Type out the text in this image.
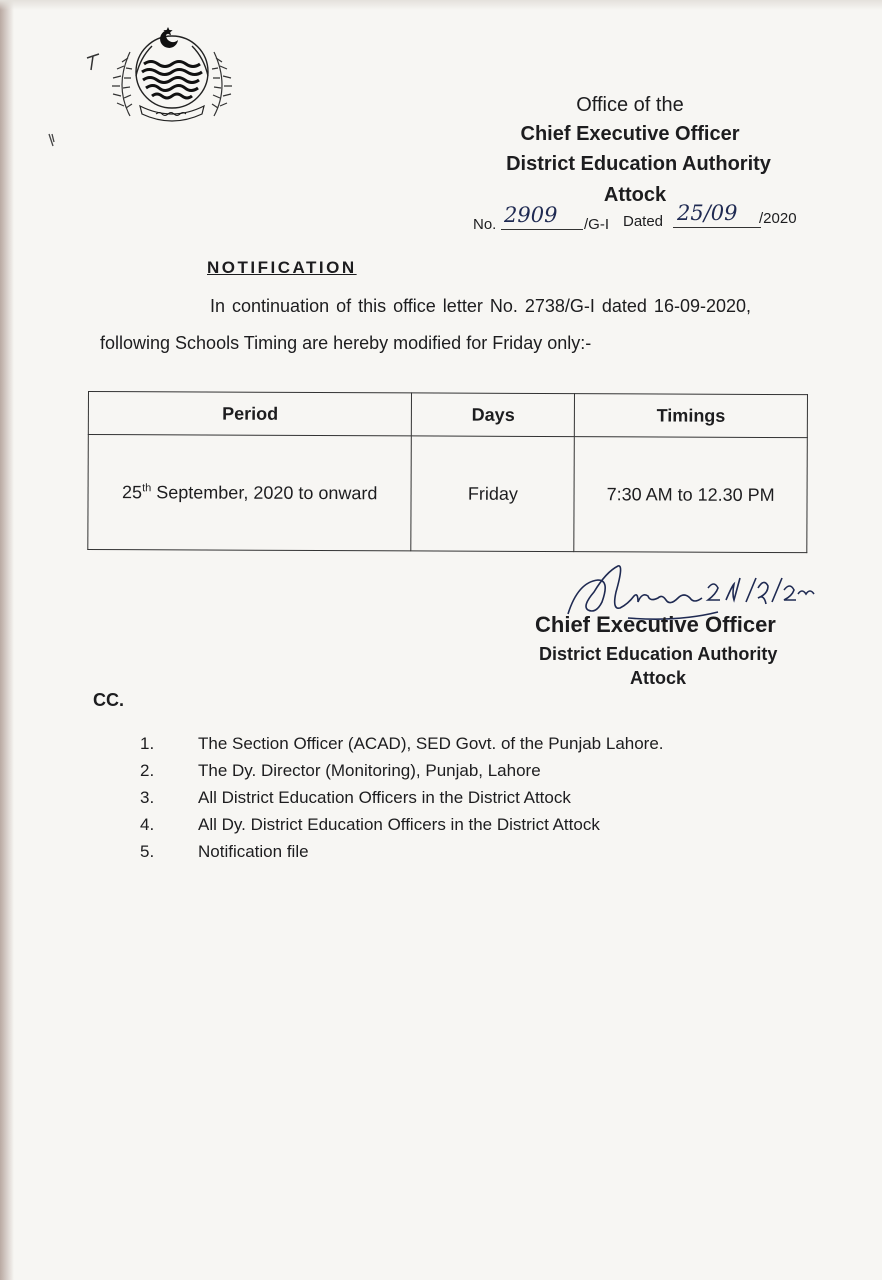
Office of the
Chief Executive Officer
District Education Authority
Attock
No. 2909 /G-I Dated 25/09 /2020
NOTIFICATION
In continuation of this office letter No. 2738/G-I dated 16-09-2020,
following Schools Timing are hereby modified for Friday only:-
Period	Days	Timings
25th September, 2020 to onward	Friday	7:30 AM to 12.30 PM
Chief Executive Officer
District Education Authority
Attock
CC.
1.	The Section Officer (ACAD), SED Govt. of the Punjab Lahore.
2.	The Dy. Director (Monitoring), Punjab, Lahore
3.	All District Education Officers in the District Attock
4.	All Dy. District Education Officers in the District Attock
5.	Notification file
